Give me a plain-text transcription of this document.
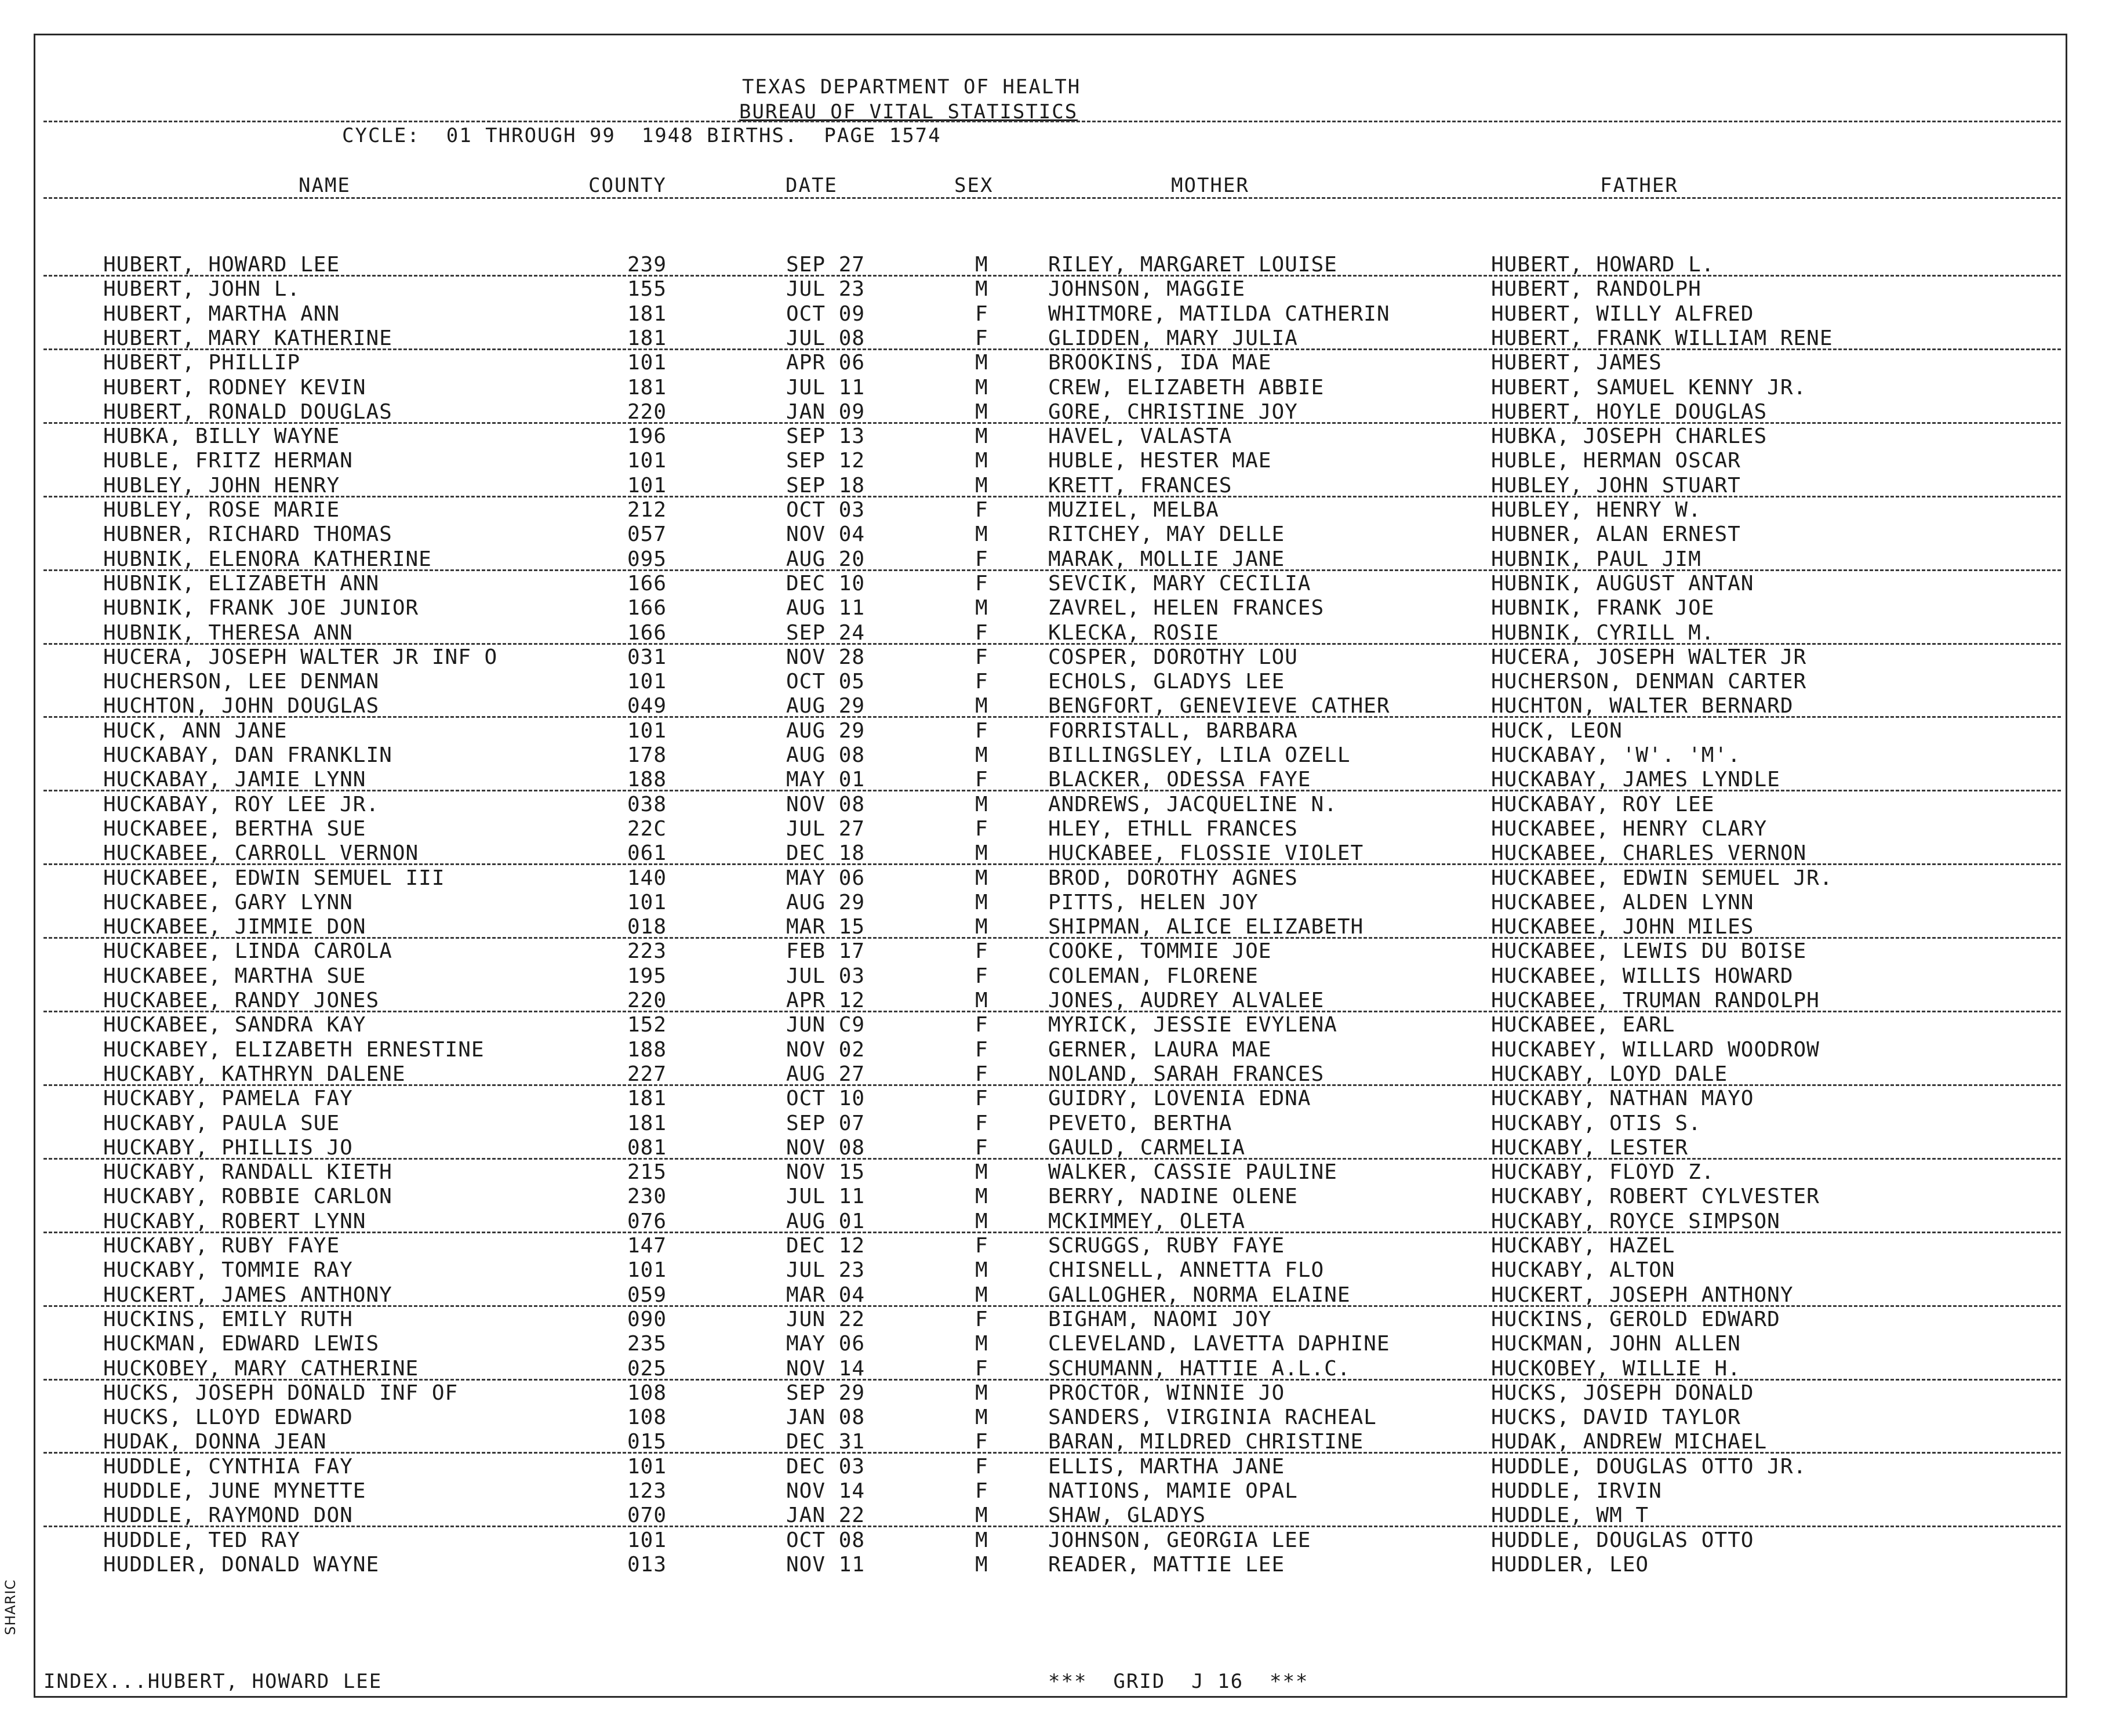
TEXAS DEPARTMENT OF HEALTH
BUREAU OF VITAL STATISTICS
CYCLE:  01 THROUGH 99  1948 BIRTHS.  PAGE 1574
NAME	COUNTY	DATE	SEX	MOTHER	FATHER
HUBERT, HOWARD LEE	239	SEP 27	M	RILEY, MARGARET LOUISE	HUBERT, HOWARD L.
HUBERT, JOHN L.	155	JUL 23	M	JOHNSON, MAGGIE	HUBERT, RANDOLPH
HUBERT, MARTHA ANN	181	OCT 09	F	WHITMORE, MATILDA CATHERIN	HUBERT, WILLY ALFRED
HUBERT, MARY KATHERINE	181	JUL 08	F	GLIDDEN, MARY JULIA	HUBERT, FRANK WILLIAM RENE
HUBERT, PHILLIP	101	APR 06	M	BROOKINS, IDA MAE	HUBERT, JAMES
HUBERT, RODNEY KEVIN	181	JUL 11	M	CREW, ELIZABETH ABBIE	HUBERT, SAMUEL KENNY JR.
HUBERT, RONALD DOUGLAS	220	JAN 09	M	GORE, CHRISTINE JOY	HUBERT, HOYLE DOUGLAS
HUBKA, BILLY WAYNE	196	SEP 13	M	HAVEL, VALASTA	HUBKA, JOSEPH CHARLES
HUBLE, FRITZ HERMAN	101	SEP 12	M	HUBLE, HESTER MAE	HUBLE, HERMAN OSCAR
HUBLEY, JOHN HENRY	101	SEP 18	M	KRETT, FRANCES	HUBLEY, JOHN STUART
HUBLEY, ROSE MARIE	212	OCT 03	F	MUZIEL, MELBA	HUBLEY, HENRY W.
HUBNER, RICHARD THOMAS	057	NOV 04	M	RITCHEY, MAY DELLE	HUBNER, ALAN ERNEST
HUBNIK, ELENORA KATHERINE	095	AUG 20	F	MARAK, MOLLIE JANE	HUBNIK, PAUL JIM
HUBNIK, ELIZABETH ANN	166	DEC 10	F	SEVCIK, MARY CECILIA	HUBNIK, AUGUST ANTAN
HUBNIK, FRANK JOE JUNIOR	166	AUG 11	M	ZAVREL, HELEN FRANCES	HUBNIK, FRANK JOE
HUBNIK, THERESA ANN	166	SEP 24	F	KLECKA, ROSIE	HUBNIK, CYRILL M.
HUCERA, JOSEPH WALTER JR INF O	031	NOV 28	F	COSPER, DOROTHY LOU	HUCERA, JOSEPH WALTER JR
HUCHERSON, LEE DENMAN	101	OCT 05	F	ECHOLS, GLADYS LEE	HUCHERSON, DENMAN CARTER
HUCHTON, JOHN DOUGLAS	049	AUG 29	M	BENGFORT, GENEVIEVE CATHER	HUCHTON, WALTER BERNARD
HUCK, ANN JANE	101	AUG 29	F	FORRISTALL, BARBARA	HUCK, LEON
HUCKABAY, DAN FRANKLIN	178	AUG 08	M	BILLINGSLEY, LILA OZELL	HUCKABAY, 'W'. 'M'.
HUCKABAY, JAMIE LYNN	188	MAY 01	F	BLACKER, ODESSA FAYE	HUCKABAY, JAMES LYNDLE
HUCKABAY, ROY LEE JR.	038	NOV 08	M	ANDREWS, JACQUELINE N.	HUCKABAY, ROY LEE
HUCKABEE, BERTHA SUE	22C	JUL 27	F	HLEY, ETHLL FRANCES	HUCKABEE, HENRY CLARY
HUCKABEE, CARROLL VERNON	061	DEC 18	M	HUCKABEE, FLOSSIE VIOLET	HUCKABEE, CHARLES VERNON
HUCKABEE, EDWIN SEMUEL III	140	MAY 06	M	BROD, DOROTHY AGNES	HUCKABEE, EDWIN SEMUEL JR.
HUCKABEE, GARY LYNN	101	AUG 29	M	PITTS, HELEN JOY	HUCKABEE, ALDEN LYNN
HUCKABEE, JIMMIE DON	018	MAR 15	M	SHIPMAN, ALICE ELIZABETH	HUCKABEE, JOHN MILES
HUCKABEE, LINDA CAROLA	223	FEB 17	F	COOKE, TOMMIE JOE	HUCKABEE, LEWIS DU BOISE
HUCKABEE, MARTHA SUE	195	JUL 03	F	COLEMAN, FLORENE	HUCKABEE, WILLIS HOWARD
HUCKABEE, RANDY JONES	220	APR 12	M	JONES, AUDREY ALVALEE	HUCKABEE, TRUMAN RANDOLPH
HUCKABEE, SANDRA KAY	152	JUN C9	F	MYRICK, JESSIE EVYLENA	HUCKABEE, EARL
HUCKABEY, ELIZABETH ERNESTINE	188	NOV 02	F	GERNER, LAURA MAE	HUCKABEY, WILLARD WOODROW
HUCKABY, KATHRYN DALENE	227	AUG 27	F	NOLAND, SARAH FRANCES	HUCKABY, LOYD DALE
HUCKABY, PAMELA FAY	181	OCT 10	F	GUIDRY, LOVENIA EDNA	HUCKABY, NATHAN MAYO
HUCKABY, PAULA SUE	181	SEP 07	F	PEVETO, BERTHA	HUCKABY, OTIS S.
HUCKABY, PHILLIS JO	081	NOV 08	F	GAULD, CARMELIA	HUCKABY, LESTER
HUCKABY, RANDALL KIETH	215	NOV 15	M	WALKER, CASSIE PAULINE	HUCKABY, FLOYD Z.
HUCKABY, ROBBIE CARLON	230	JUL 11	M	BERRY, NADINE OLENE	HUCKABY, ROBERT CYLVESTER
HUCKABY, ROBERT LYNN	076	AUG 01	M	MCKIMMEY, OLETA	HUCKABY, ROYCE SIMPSON
HUCKABY, RUBY FAYE	147	DEC 12	F	SCRUGGS, RUBY FAYE	HUCKABY, HAZEL
HUCKABY, TOMMIE RAY	101	JUL 23	M	CHISNELL, ANNETTA FLO	HUCKABY, ALTON
HUCKERT, JAMES ANTHONY	059	MAR 04	M	GALLOGHER, NORMA ELAINE	HUCKERT, JOSEPH ANTHONY
HUCKINS, EMILY RUTH	090	JUN 22	F	BIGHAM, NAOMI JOY	HUCKINS, GEROLD EDWARD
HUCKMAN, EDWARD LEWIS	235	MAY 06	M	CLEVELAND, LAVETTA DAPHINE	HUCKMAN, JOHN ALLEN
HUCKOBEY, MARY CATHERINE	025	NOV 14	F	SCHUMANN, HATTIE A.L.C.	HUCKOBEY, WILLIE H.
HUCKS, JOSEPH DONALD INF OF	108	SEP 29	M	PROCTOR, WINNIE JO	HUCKS, JOSEPH DONALD
HUCKS, LLOYD EDWARD	108	JAN 08	M	SANDERS, VIRGINIA RACHEAL	HUCKS, DAVID TAYLOR
HUDAK, DONNA JEAN	015	DEC 31	F	BARAN, MILDRED CHRISTINE	HUDAK, ANDREW MICHAEL
HUDDLE, CYNTHIA FAY	101	DEC 03	F	ELLIS, MARTHA JANE	HUDDLE, DOUGLAS OTTO JR.
HUDDLE, JUNE MYNETTE	123	NOV 14	F	NATIONS, MAMIE OPAL	HUDDLE, IRVIN
HUDDLE, RAYMOND DON	070	JAN 22	M	SHAW, GLADYS	HUDDLE, WM T
HUDDLE, TED RAY	101	OCT 08	M	JOHNSON, GEORGIA LEE	HUDDLE, DOUGLAS OTTO
HUDDLER, DONALD WAYNE	013	NOV 11	M	READER, MATTIE LEE	HUDDLER, LEO
INDEX...HUBERT, HOWARD LEE	***  GRID  J 16  ***
SHARIC
